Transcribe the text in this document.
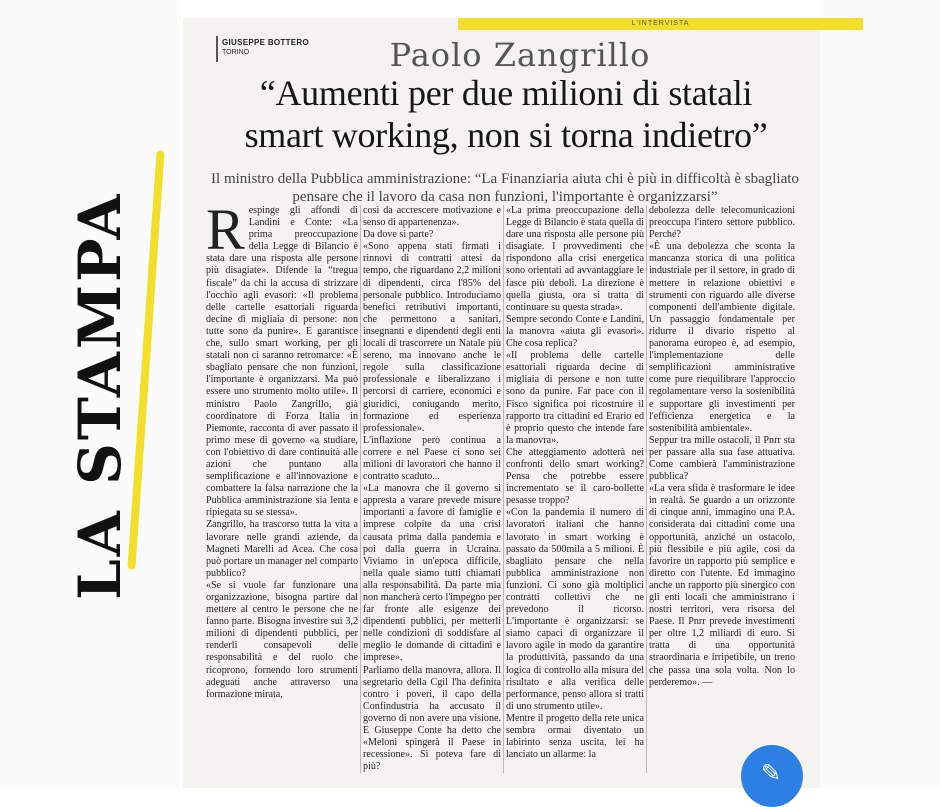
LA STAMPA
L'INTERVISTA
GIUSEPPE BOTTERO
TORINO	Paolo Zangrillo
“Aumenti per due milioni di statali
smart working, non si torna indietro”
Il ministro della Pubblica amministrazione: “La Finanziaria aiuta chi è più in difficoltà è sbagliato pensare che il lavoro da casa non funzioni, l'importante è organizzarsi”
Respinge gli affondi di Landini e Conte: «La prima preoccupazione della Legge di Bilancio è stata dare una risposta alle persone più disagiate». Difende la “tregua fiscale” da chi la accusa di strizzare l'occhio agli evasori: «Il problema delle cartelle esattoriali riguarda decine di migliaia di persone: non tutte sono da punire». E garantisce che, sullo smart working, per gli statali non ci saranno retromarce: «È sbagliato pensare che non funzioni, l'importante è organizzarsi. Ma può essere uno strumento molto utile». Il ministro Paolo Zangrillo, già coordinatore di Forza Italia in Piemonte, racconta di aver passato il primo mese di governo «a studiare, con l'obiettivo di dare continuità alle azioni che puntano alla semplificazione e all'innovazione e combattere la falsa narrazione che la Pubblica amministrazione sia lenta e ripiegata su se stessa».
Zangrillo, ha trascorso tutta la vita a lavorare nelle grandi aziende, da Magneti Marelli ad Acea. Che cosa può portare un manager nel comparto pubblico?
«Se si vuole far funzionare una organizzazione, bisogna partire dal mettere al centro le persone che ne fanno parte. Bisogna investire sui 3,2 milioni di dipendenti pubblici, per renderli consapevoli delle responsabilità e del ruolo che ricoprono, fornendo loro strumenti adeguati anche attraverso una formazione mirata,
così da accrescere motivazione e senso di appartenenza».
Da dove si parte?
«Sono appena stati firmati i rinnovi di contratti attesi da tempo, che riguardano 2,2 milioni di dipendenti, circa l'85% del personale pubblico. Introduciamo benefici retributivi importanti, che permettono a sanitari, insegnanti e dipendenti degli enti locali di trascorrere un Natale più sereno, ma innovano anche le regole sulla classificazione professionale e liberalizzano i percorsi di carriere, economici e giuridici, coniugando merito, formazione ed esperienza professionale».
L'inflazione però continua a correre e nel Paese ci sono sei milioni di lavoratori che hanno il contratto scaduto...
«La manovra che il governo si appresta a varare prevede misure importanti a favore di famiglie e imprese colpite da una crisi causata prima dalla pandemia e poi dalla guerra in Ucraina. Viviamo in un'epoca difficile, nella quale siamo tutti chiamati alla responsabilità. Da parte mia non mancherà certo l'impegno per far fronte alle esigenze dei dipendenti pubblici, per metterli nelle condizioni di soddisfare al meglio le domande di cittadini e imprese».
Parliamo della manovra, allora. Il segretario della Cgil l'ha definita contro i poveri, il capo della Confindustria ha accusato il governo di non avere una visione. E Giuseppe Conte ha detto che «Meloni spingerà il Paese in recessione». Si poteva fare di più?
«La prima preoccupazione della Legge di Bilancio è stata quella di dare una risposta alle persone più disagiate. I provvedimenti che rispondono alla crisi energetica sono orientati ad avvantaggiare le fasce più deboli. La direzione è quella giusta, ora si tratta di continuare su questa strada».
Sempre secondo Conte e Landini, la manovra «aiuta gli evasori». Che cosa replica?
«Il problema delle cartelle esattoriali riguarda decine di migliaia di persone e non tutte sono da punire. Far pace con il Fisco significa poi ricostruire il rapporto tra cittadini ed Erario ed è proprio questo che intende fare la manovra».
Che atteggiamento adotterà nei confronti dello smart working? Pensa che potrebbe essere incrementato se il caro-bollette pesasse troppo?
«Con la pandemia il numero di lavoratori italiani che hanno lavorato in smart working è passato da 500mila a 5 milioni. È sbagliato pensare che nella pubblica amministrazione non funzioni. Ci sono già moltiplici contratti collettivi che ne prevedono il ricorso. L'importante è organizzarsi: se siamo capaci di organizzare il lavoro agile in modo da garantire la produttività, passando da una logica di controllo alla misura del risultato e alla verifica delle performance, penso allora si tratti di uno strumento utile».
Mentre il progetto della rete unica sembra ormai diventato un labirinto senza uscita, lei ha lanciato un allarme: la
debolezza delle telecomunicazioni preoccupa l'intero settore pubblico. Perché?
«È una debolezza che sconta la mancanza storica di una politica industriale per il settore, in grado di mettere in relazione obiettivi e strumenti con riguardo alle diverse componenti dell'ambiente digitale. Un passaggio fondamentale per ridurre il divario rispetto al panorama europeo è, ad esempio, l'implementazione delle semplificazioni amministrative come pure riequilibrare l'approccio regolamentare verso la sostenibilità e supportare gli investimenti per l'efficienza energetica e la sostenibilità ambientale».
Seppur tra mille ostacoli, il Pnrr sta per passare alla sua fase attuativa. Come cambierà l'amministrazione pubblica?
«La vera sfida è trasformare le idee in realtà. Se guardo a un orizzonte di cinque anni, immagino una P.A. considerata dai cittadini come una opportunità, anziché un ostacolo, più flessibile e più agile, così da favorire un rapporto più semplice e diretto con l'utente. Ed immagino anche un rapporto più sinergico con gli enti locali che amministrano i nostri territori, vera risorsa del Paese. Il Pnrr prevede investimenti per oltre 1,2 miliardi di euro. Si tratta di una opportunità straordinaria e irripetibile, un treno che passa una sola volta. Non lo perderemo». —
✎
